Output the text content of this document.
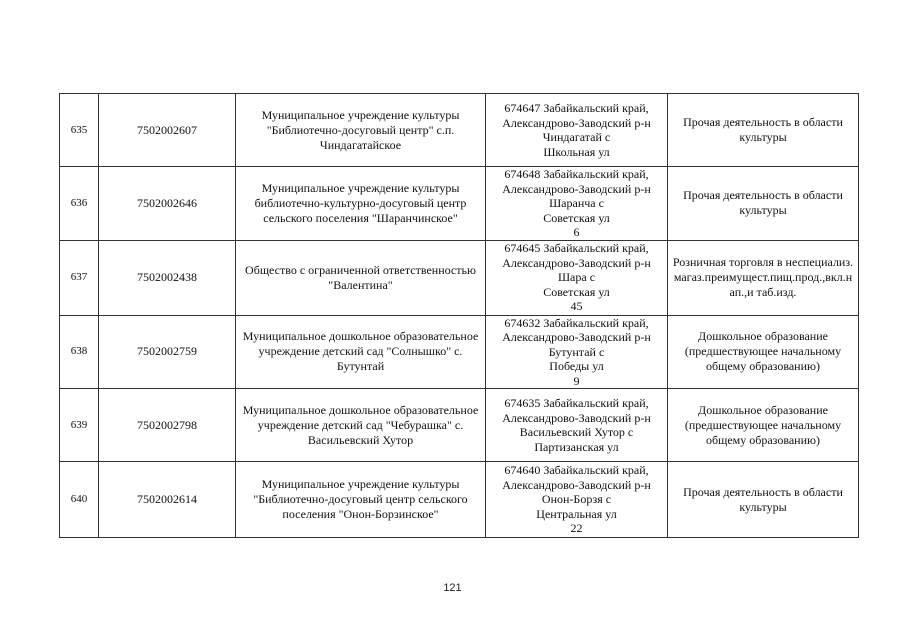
635	7502002607	Муниципальное учреждение культуры "Библиотечно-досуговый центр" с.п. Чиндагатайское	674647 Забайкальский край,
Александрово-Заводский р-н
Чиндагатай с
Школьная ул	Прочая деятельность в области культуры
636	7502002646	Муниципальное учреждение культуры библиотечно-культурно-досуговый центр сельского поселения "Шаранчинское"	674648 Забайкальский край,
Александрово-Заводский р-н
Шаранча с
Советская ул
6	Прочая деятельность в области культуры
637	7502002438	Общество с ограниченной ответственностью "Валентина"	674645 Забайкальский край,
Александрово-Заводский р-н
Шара с
Советская ул
45	Розничная торговля в неспециализ.магаз.преимущест.пищ.прод.,вкл.нап.,и таб.изд.
638	7502002759	Муниципальное дошкольное образовательное учреждение детский сад "Солнышко" с. Бутунтай	674632 Забайкальский край,
Александрово-Заводский р-н
Бутунтай с
Победы ул
9	Дошкольное образование (предшествующее начальному общему образованию)
639	7502002798	Муниципальное дошкольное образовательное учреждение детский сад "Чебурашка" с. Васильевский Хутор	674635 Забайкальский край,
Александрово-Заводский р-н
Васильевский Хутор с
Партизанская ул	Дошкольное образование (предшествующее начальному общему образованию)
640	7502002614	Муниципальное учреждение культуры "Библиотечно-досуговый центр сельского поселения "Онон-Борзинское"	674640 Забайкальский край,
Александрово-Заводский р-н
Онон-Борзя с
Центральная ул
22	Прочая деятельность в области культуры
121
